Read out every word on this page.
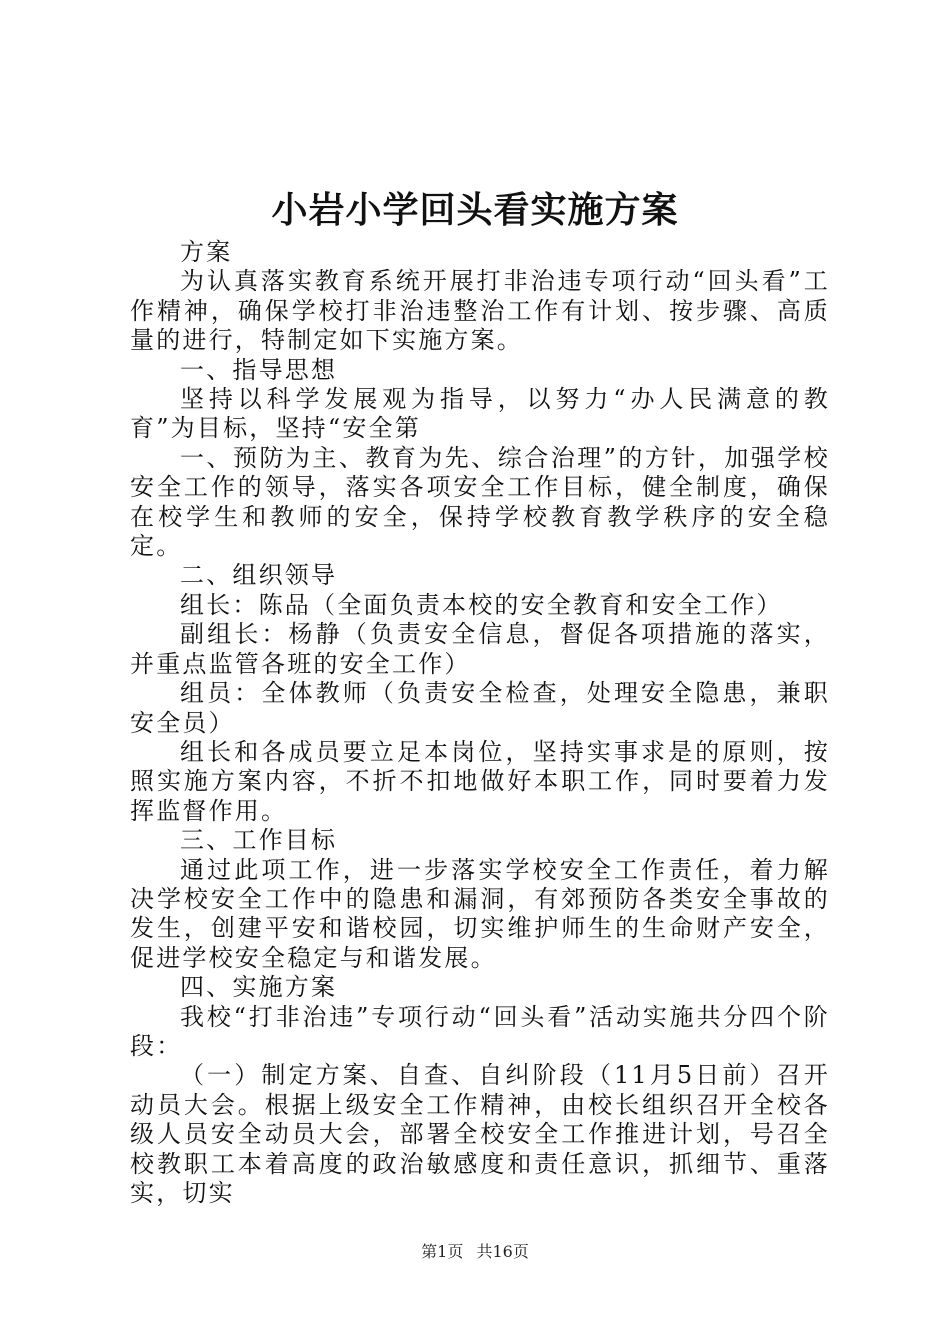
小岩小学回头看实施方案

方案

为认真落实教育系统开展打非治违专项行动“回头看”工作精神，确保学校打非治违整治工作有计划、按步骤、高质量的进行，特制定如下实施方案。

一、指导思想

坚持以科学发展观为指导，以努力“办人民满意的教育”为目标，坚持“安全第

一、预防为主、教育为先、综合治理”的方针，加强学校安全工作的领导，落实各项安全工作目标，健全制度，确保在校学生和教师的安全，保持学校教育教学秩序的安全稳定。

二、组织领导

组长：陈品（全面负责本校的安全教育和安全工作）

副组长：杨静（负责安全信息，督促各项措施的落实，并重点监管各班的安全工作）

组员：全体教师（负责安全检查，处理安全隐患，兼职安全员）

组长和各成员要立足本岗位，坚持实事求是的原则，按照实施方案内容，不折不扣地做好本职工作，同时要着力发挥监督作用。

三、工作目标

通过此项工作，进一步落实学校安全工作责任，着力解决学校安全工作中的隐患和漏洞，有郊预防各类安全事故的发生，创建平安和谐校园，切实维护师生的生命财产安全，促进学校安全稳定与和谐发展。

四、实施方案

我校“打非治违”专项行动“回头看”活动实施共分四个阶段：

（一）制定方案、自查、自纠阶段（11月5日前）召开动员大会。根据上级安全工作精神，由校长组织召开全校各级人员安全动员大会，部署全校安全工作推进计划，号召全校教职工本着高度的政治敏感度和责任意识，抓细节、重落实，切实

第1页 共16页
